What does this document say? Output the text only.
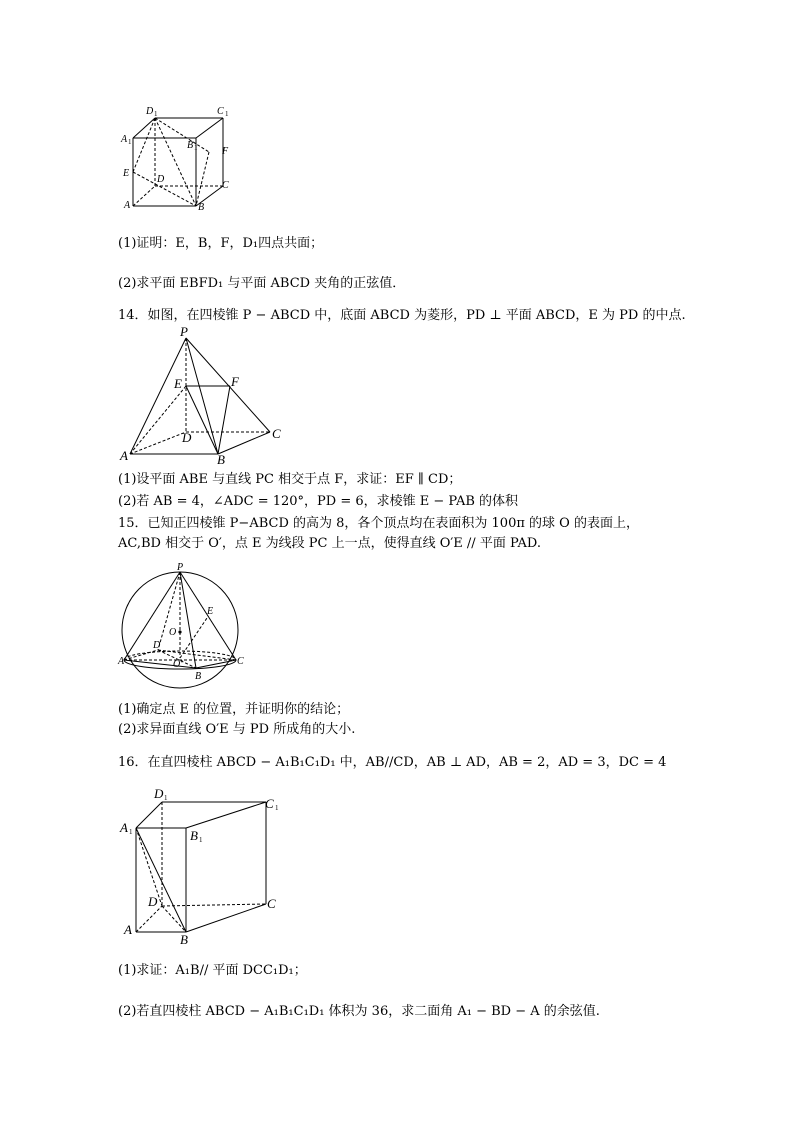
D 1	C 1
A 1	B 1 F
E
D
C
A	B
(1)证明：E，B，F，D₁四点共面；
(2)求平面 EBFD₁ 与平面 ABCD 夹角的正弦值．
14．如图，在四棱锥 P − ABCD 中，底面 ABCD 为菱形，PD ⊥ 平面 ABCD，E 为 PD 的中点.
P
E	F
D	C
A	B
(1)设平面 ABE 与直线 PC 相交于点 F，求证：EF ∥ CD；
(2)若 AB = 4，∠ADC = 120°，PD = 6，求棱锥 E − PAB 的体积
15．已知正四棱锥 P−ABCD 的高为 8，各个顶点均在表面积为 100π 的球 O 的表面上，
AC,BD 相交于 O′，点 E 为线段 PC 上一点，使得直线 O′E // 平面 PAD.
P
E
O
D
O′
A	C
B
(1)确定点 E 的位置，并证明你的结论；
(2)求异面直线 O′E 与 PD 所成角的大小.
16．在直四棱柱 ABCD − A₁B₁C₁D₁ 中，AB//CD，AB ⊥ AD，AB = 2，AD = 3，DC = 4
D 1	C 1
A 1	B 1
D	C
A
B
(1)求证：A₁B// 平面 DCC₁D₁；
(2)若直四棱柱 ABCD − A₁B₁C₁D₁ 体积为 36，求二面角 A₁ − BD − A 的余弦值.
